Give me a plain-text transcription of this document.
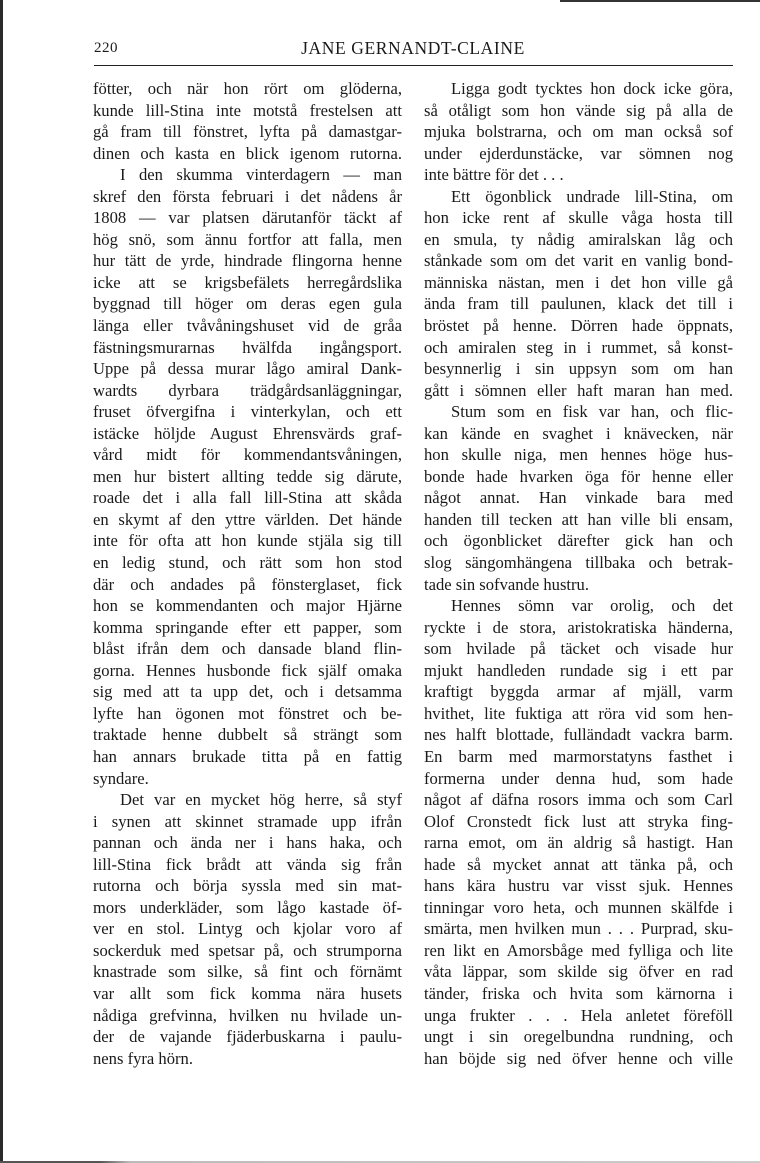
220	JANE GERNANDT-CLAINE
fötter, och när hon rört om glöderna,
kunde lill-Stina inte motstå frestelsen att
gå fram till fönstret, lyfta på damastgar-
dinen och kasta en blick igenom rutorna.
I den skumma vinterdagern — man
skref den första februari i det nådens år
1808 — var platsen därutanför täckt af
hög snö, som ännu fortfor att falla, men
hur tätt de yrde, hindrade flingorna henne
icke att se krigsbefälets herregårdslika
byggnad till höger om deras egen gula
länga eller tvåvåningshuset vid de gråa
fästningsmurarnas hvälfda ingångsport.
Uppe på dessa murar lågo amiral Dank-
wardts dyrbara trädgårdsanläggningar,
fruset öfvergifna i vinterkylan, och ett
istäcke höljde August Ehrensvärds graf-
vård midt för kommendantsvåningen,
men hur bistert allting tedde sig därute,
roade det i alla fall lill-Stina att skåda
en skymt af den yttre världen. Det hände
inte för ofta att hon kunde stjäla sig till
en ledig stund, och rätt som hon stod
där och andades på fönsterglaset, fick
hon se kommendanten och major Hjärne
komma springande efter ett papper, som
blåst ifrån dem och dansade bland flin-
gorna. Hennes husbonde fick själf omaka
sig med att ta upp det, och i detsamma
lyfte han ögonen mot fönstret och be-
traktade henne dubbelt så strängt som
han annars brukade titta på en fattig
syndare.
Det var en mycket hög herre, så styf
i synen att skinnet stramade upp ifrån
pannan och ända ner i hans haka, och
lill-Stina fick brådt att vända sig från
rutorna och börja syssla med sin mat-
mors underkläder, som lågo kastade öf-
ver en stol. Lintyg och kjolar voro af
sockerduk med spetsar på, och strumporna
knastrade som silke, så fint och förnämt
var allt som fick komma nära husets
nådiga grefvinna, hvilken nu hvilade un-
der de vajande fjäderbuskarna i paulu-
nens fyra hörn.
Ligga godt tycktes hon dock icke göra,
så otåligt som hon vände sig på alla de
mjuka bolstrarna, och om man också sof
under ejderdunstäcke, var sömnen nog
inte bättre för det . . .
Ett ögonblick undrade lill-Stina, om
hon icke rent af skulle våga hosta till
en smula, ty nådig amiralskan låg och
stånkade som om det varit en vanlig bond-
människa nästan, men i det hon ville gå
ända fram till paulunen, klack det till i
bröstet på henne. Dörren hade öppnats,
och amiralen steg in i rummet, så konst-
besynnerlig i sin uppsyn som om han
gått i sömnen eller haft maran han med.
Stum som en fisk var han, och flic-
kan kände en svaghet i knävecken, när
hon skulle niga, men hennes höge hus-
bonde hade hvarken öga för henne eller
något annat. Han vinkade bara med
handen till tecken att han ville bli ensam,
och ögonblicket därefter gick han och
slog sängomhängena tillbaka och betrak-
tade sin sofvande hustru.
Hennes sömn var orolig, och det
ryckte i de stora, aristokratiska händerna,
som hvilade på täcket och visade hur
mjukt handleden rundade sig i ett par
kraftigt byggda armar af mjäll, varm
hvithet, lite fuktiga att röra vid som hen-
nes halft blottade, fulländadt vackra barm.
En barm med marmorstatyns fasthet i
formerna under denna hud, som hade
något af däfna rosors imma och som Carl
Olof Cronstedt fick lust att stryka fing-
rarna emot, om än aldrig så hastigt. Han
hade så mycket annat att tänka på, och
hans kära hustru var visst sjuk. Hennes
tinningar voro heta, och munnen skälfde i
smärta, men hvilken mun . . . Purprad, sku-
ren likt en Amorsbåge med fylliga och lite
våta läppar, som skilde sig öfver en rad
tänder, friska och hvita som kärnorna i
unga frukter . . . Hela anletet föreföll
ungt i sin oregelbundna rundning, och
han böjde sig ned öfver henne och ville
